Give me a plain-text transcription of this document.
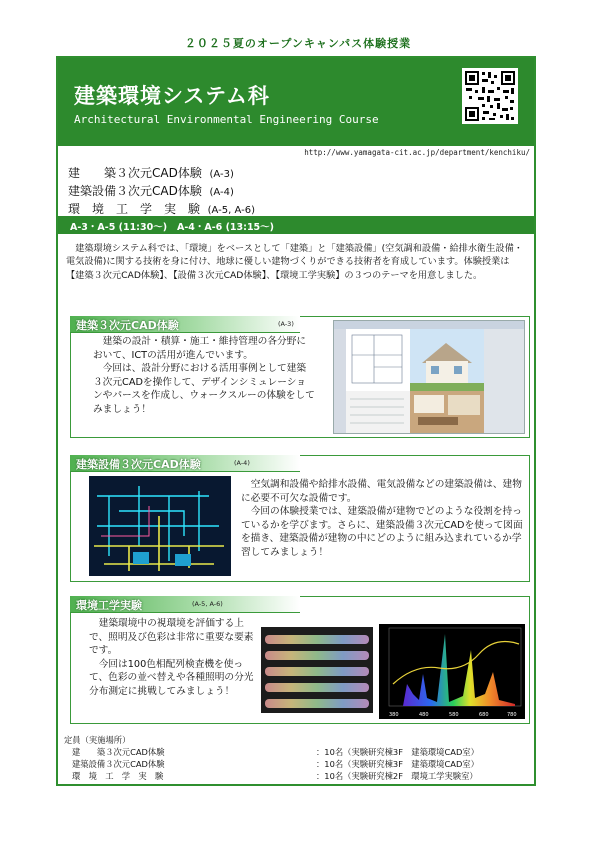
２０２５夏のオープンキャンパス体験授業
建築環境システム科
Architectural Environmental Engineering Course
http://www.yamagata-cit.ac.jp/department/kenchiku/
建　　築３次元CAD体験 (A-3)
建築設備３次元CAD体験 (A-4)
環　境　工　学　実　験 (A-5, A-6)
A-3・A-5 (11:30～)   A-4・A-6 (13:15～)
建築環境システム科では、「環境」をベースとして「建築」と「建築設備」(空気調和設備・給排水衛生設備・電気設備)に関する技術を身に付け、地球に優しい建物づくりができる技術者を育成しています。体験授業は【建築３次元CAD体験】、【設備３次元CAD体験】、【環境工学実験】の３つのテーマを用意しました。
建築３次元CAD体験	(A-3)

建築の設計・積算・施工・維持管理の各分野において、ICTの活用が進んでいます。

今回は、設計分野における活用事例として建築３次元CADを操作して、デザインシミュレーションやパースを作成し、ウォークスルーの体験をしてみましょう！

建築設備３次元CAD体験	(A-4)

空気調和設備や給排水設備、電気設備などの建築設備は、建物に必要不可欠な設備です。

今回の体験授業では、建築設備が建物でどのような役割を持っているかを学びます。さらに、建築設備３次元CADを使って図面を描き、建築設備が建物の中にどのように組み込まれているか学習してみましょう！

環境工学実験	(A-5, A-6)

建築環境中の視環境を評価する上で、照明及び色彩は非常に重要な要素です。

今回は100色相配列検査機を使って、色彩の並べ替えや各種照明の分光分布測定に挑戦してみましょう！

380	480	580	680	780
定員（実施場所）
建　　築３次元CAD体験	：10名（実験研究棟3F　建築環境CAD室）
建築設備３次元CAD体験	：10名（実験研究棟3F　建築環境CAD室）
環　境　工　学　実　験	：10名（実験研究棟2F　環境工学実験室）
